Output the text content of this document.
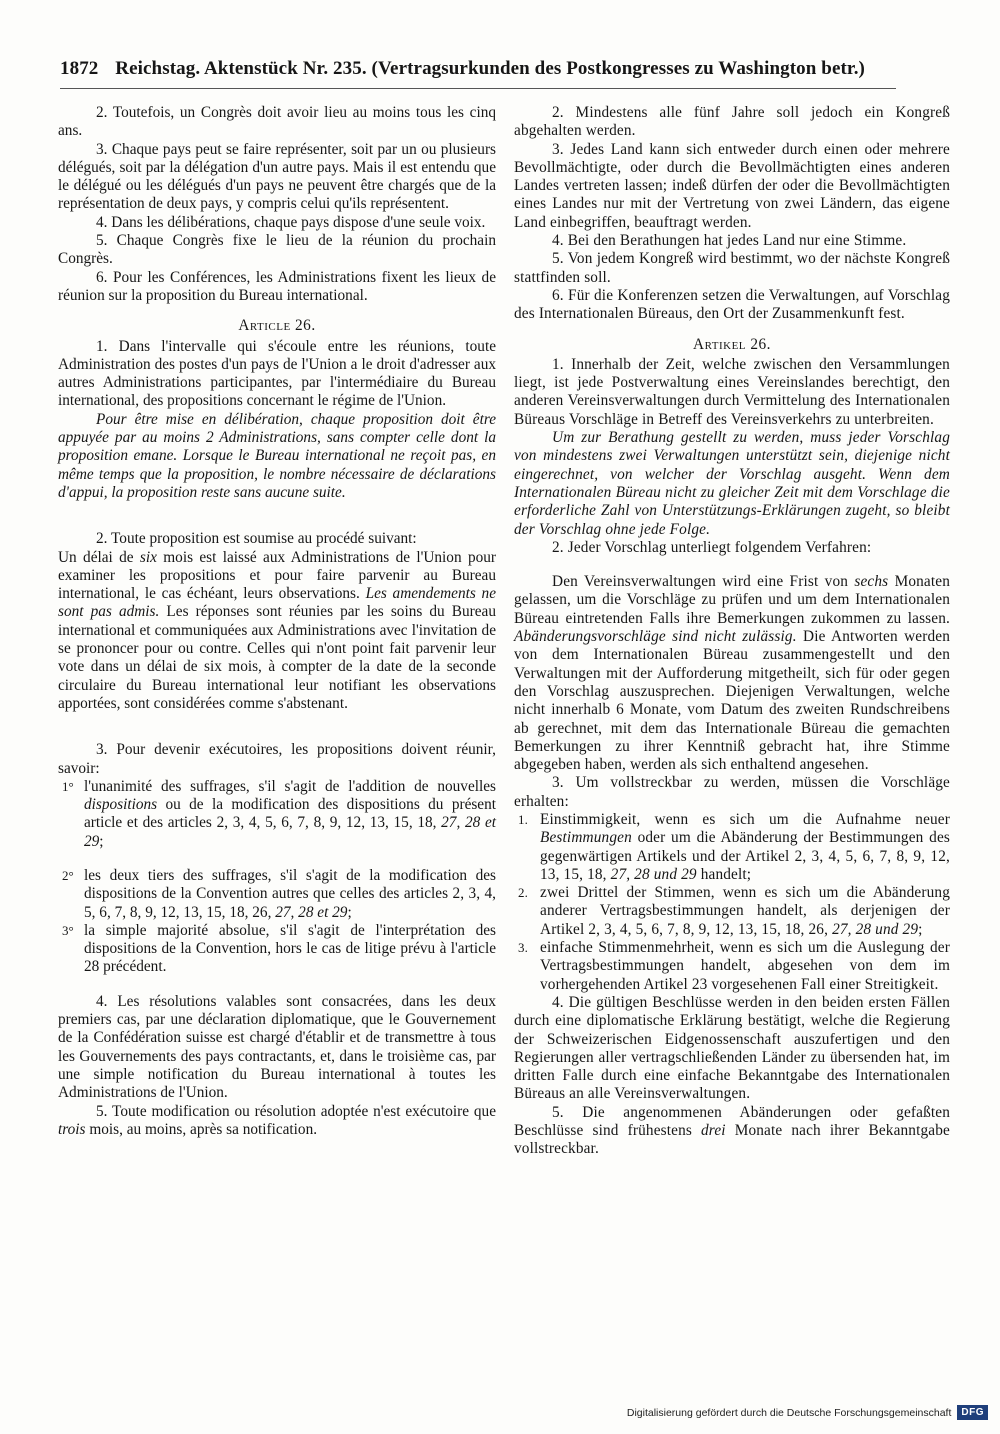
1872 Reichstag. Aktenstück Nr. 235. (Vertragsurkunden des Postkongresses zu Washington betr.)

2. Toutefois, un Congrès doit avoir lieu au moins tous les cinq ans.

3. Chaque pays peut se faire représenter, soit par un ou plusieurs délégués, soit par la délégation d'un autre pays. Mais il est entendu que le délégué ou les délégués d'un pays ne peuvent être chargés que de la représentation de deux pays, y compris celui qu'ils représentent.

4. Dans les délibérations, chaque pays dispose d'une seule voix.

5. Chaque Congrès fixe le lieu de la réunion du prochain Congrès.

6. Pour les Conférences, les Administrations fixent les lieux de réunion sur la proposition du Bureau international.

Article 26.

1. Dans l'intervalle qui s'écoule entre les réunions, toute Administration des postes d'un pays de l'Union a le droit d'adresser aux autres Administrations participantes, par l'intermédiaire du Bureau international, des propositions concernant le régime de l'Union.

Pour être mise en délibération, chaque proposition doit être appuyée par au moins 2 Administrations, sans compter celle dont la proposition emane. Lorsque le Bureau international ne reçoit pas, en même temps que la proposition, le nombre nécessaire de déclarations d'appui, la proposition reste sans aucune suite.

2. Toute proposition est soumise au procédé suivant:

Un délai de six mois est laissé aux Administrations de l'Union pour examiner les propositions et pour faire parvenir au Bureau international, le cas échéant, leurs observations. Les amendements ne sont pas admis. Les réponses sont réunies par les soins du Bureau international et communiquées aux Administrations avec l'invitation de se prononcer pour ou contre. Celles qui n'ont point fait parvenir leur vote dans un délai de six mois, à compter de la date de la seconde circulaire du Bureau international leur notifiant les observations apportées, sont considérées comme s'abstenant.

3. Pour devenir exécutoires, les propositions doivent réunir, savoir:

1° l'unanimité des suffrages, s'il s'agit de l'addition de nouvelles dispositions ou de la modification des dispositions du présent article et des articles 2, 3, 4, 5, 6, 7, 8, 9, 12, 13, 15, 18, 27, 28 et 29;
2° les deux tiers des suffrages, s'il s'agit de la modification des dispositions de la Convention autres que celles des articles 2, 3, 4, 5, 6, 7, 8, 9, 12, 13, 15, 18, 26, 27, 28 et 29;
3° la simple majorité absolue, s'il s'agit de l'interprétation des dispositions de la Convention, hors le cas de litige prévu à l'article 28 précédent.

4. Les résolutions valables sont consacrées, dans les deux premiers cas, par une déclaration diplomatique, que le Gouvernement de la Confédération suisse est chargé d'établir et de transmettre à tous les Gouvernements des pays contractants, et, dans le troisième cas, par une simple notification du Bureau international à toutes les Administrations de l'Union.

5. Toute modification ou résolution adoptée n'est exécutoire que trois mois, au moins, après sa notification.

2. Mindestens alle fünf Jahre soll jedoch ein Kongreß abgehalten werden.

3. Jedes Land kann sich entweder durch einen oder mehrere Bevollmächtigte, oder durch die Bevollmächtigten eines anderen Landes vertreten lassen; indeß dürfen der oder die Bevollmächtigten eines Landes nur mit der Vertretung von zwei Ländern, das eigene Land einbegriffen, beauftragt werden.

4. Bei den Berathungen hat jedes Land nur eine Stimme.

5. Von jedem Kongreß wird bestimmt, wo der nächste Kongreß stattfinden soll.

6. Für die Konferenzen setzen die Verwaltungen, auf Vorschlag des Internationalen Büreaus, den Ort der Zusammenkunft fest.

Artikel 26.

1. Innerhalb der Zeit, welche zwischen den Versammlungen liegt, ist jede Postverwaltung eines Vereinslandes berechtigt, den anderen Vereinsverwaltungen durch Vermittelung des Internationalen Büreaus Vorschläge in Betreff des Vereinsverkehrs zu unterbreiten.

Um zur Berathung gestellt zu werden, muss jeder Vorschlag von mindestens zwei Verwaltungen unterstützt sein, diejenige nicht eingerechnet, von welcher der Vorschlag ausgeht. Wenn dem Internationalen Büreau nicht zu gleicher Zeit mit dem Vorschlage die erforderliche Zahl von Unterstützungs-Erklärungen zugeht, so bleibt der Vorschlag ohne jede Folge.

2. Jeder Vorschlag unterliegt folgendem Verfahren:

Den Vereinsverwaltungen wird eine Frist von sechs Monaten gelassen, um die Vorschläge zu prüfen und um dem Internationalen Büreau eintretenden Falls ihre Bemerkungen zukommen zu lassen. Abänderungsvorschläge sind nicht zulässig. Die Antworten werden von dem Internationalen Büreau zusammengestellt und den Verwaltungen mit der Aufforderung mitgetheilt, sich für oder gegen den Vorschlag auszusprechen. Diejenigen Verwaltungen, welche nicht innerhalb 6 Monate, vom Datum des zweiten Rundschreibens ab gerechnet, mit dem das Internationale Büreau die gemachten Bemerkungen zu ihrer Kenntniß gebracht hat, ihre Stimme abgegeben haben, werden als sich enthaltend angesehen.

3. Um vollstreckbar zu werden, müssen die Vorschläge erhalten:

1. Einstimmigkeit, wenn es sich um die Aufnahme neuer Bestimmungen oder um die Abänderung der Bestimmungen des gegenwärtigen Artikels und der Artikel 2, 3, 4, 5, 6, 7, 8, 9, 12, 13, 15, 18, 27, 28 und 29 handelt;
2. zwei Drittel der Stimmen, wenn es sich um die Abänderung anderer Vertragsbestimmungen handelt, als derjenigen der Artikel 2, 3, 4, 5, 6, 7, 8, 9, 12, 13, 15, 18, 26, 27, 28 und 29;
3. einfache Stimmenmehrheit, wenn es sich um die Auslegung der Vertragsbestimmungen handelt, abgesehen von dem im vorhergehenden Artikel 23 vorgesehenen Fall einer Streitigkeit.

4. Die gültigen Beschlüsse werden in den beiden ersten Fällen durch eine diplomatische Erklärung bestätigt, welche die Regierung der Schweizerischen Eidgenossenschaft auszufertigen und den Regierungen aller vertragschließenden Länder zu übersenden hat, im dritten Falle durch eine einfache Bekanntgabe des Internationalen Büreaus an alle Vereinsverwaltungen.

5. Die angenommenen Abänderungen oder gefaßten Beschlüsse sind frühestens drei Monate nach ihrer Bekanntgabe vollstreckbar.

Digitalisierung gefördert durch die Deutsche Forschungsgemeinschaft	DFG
